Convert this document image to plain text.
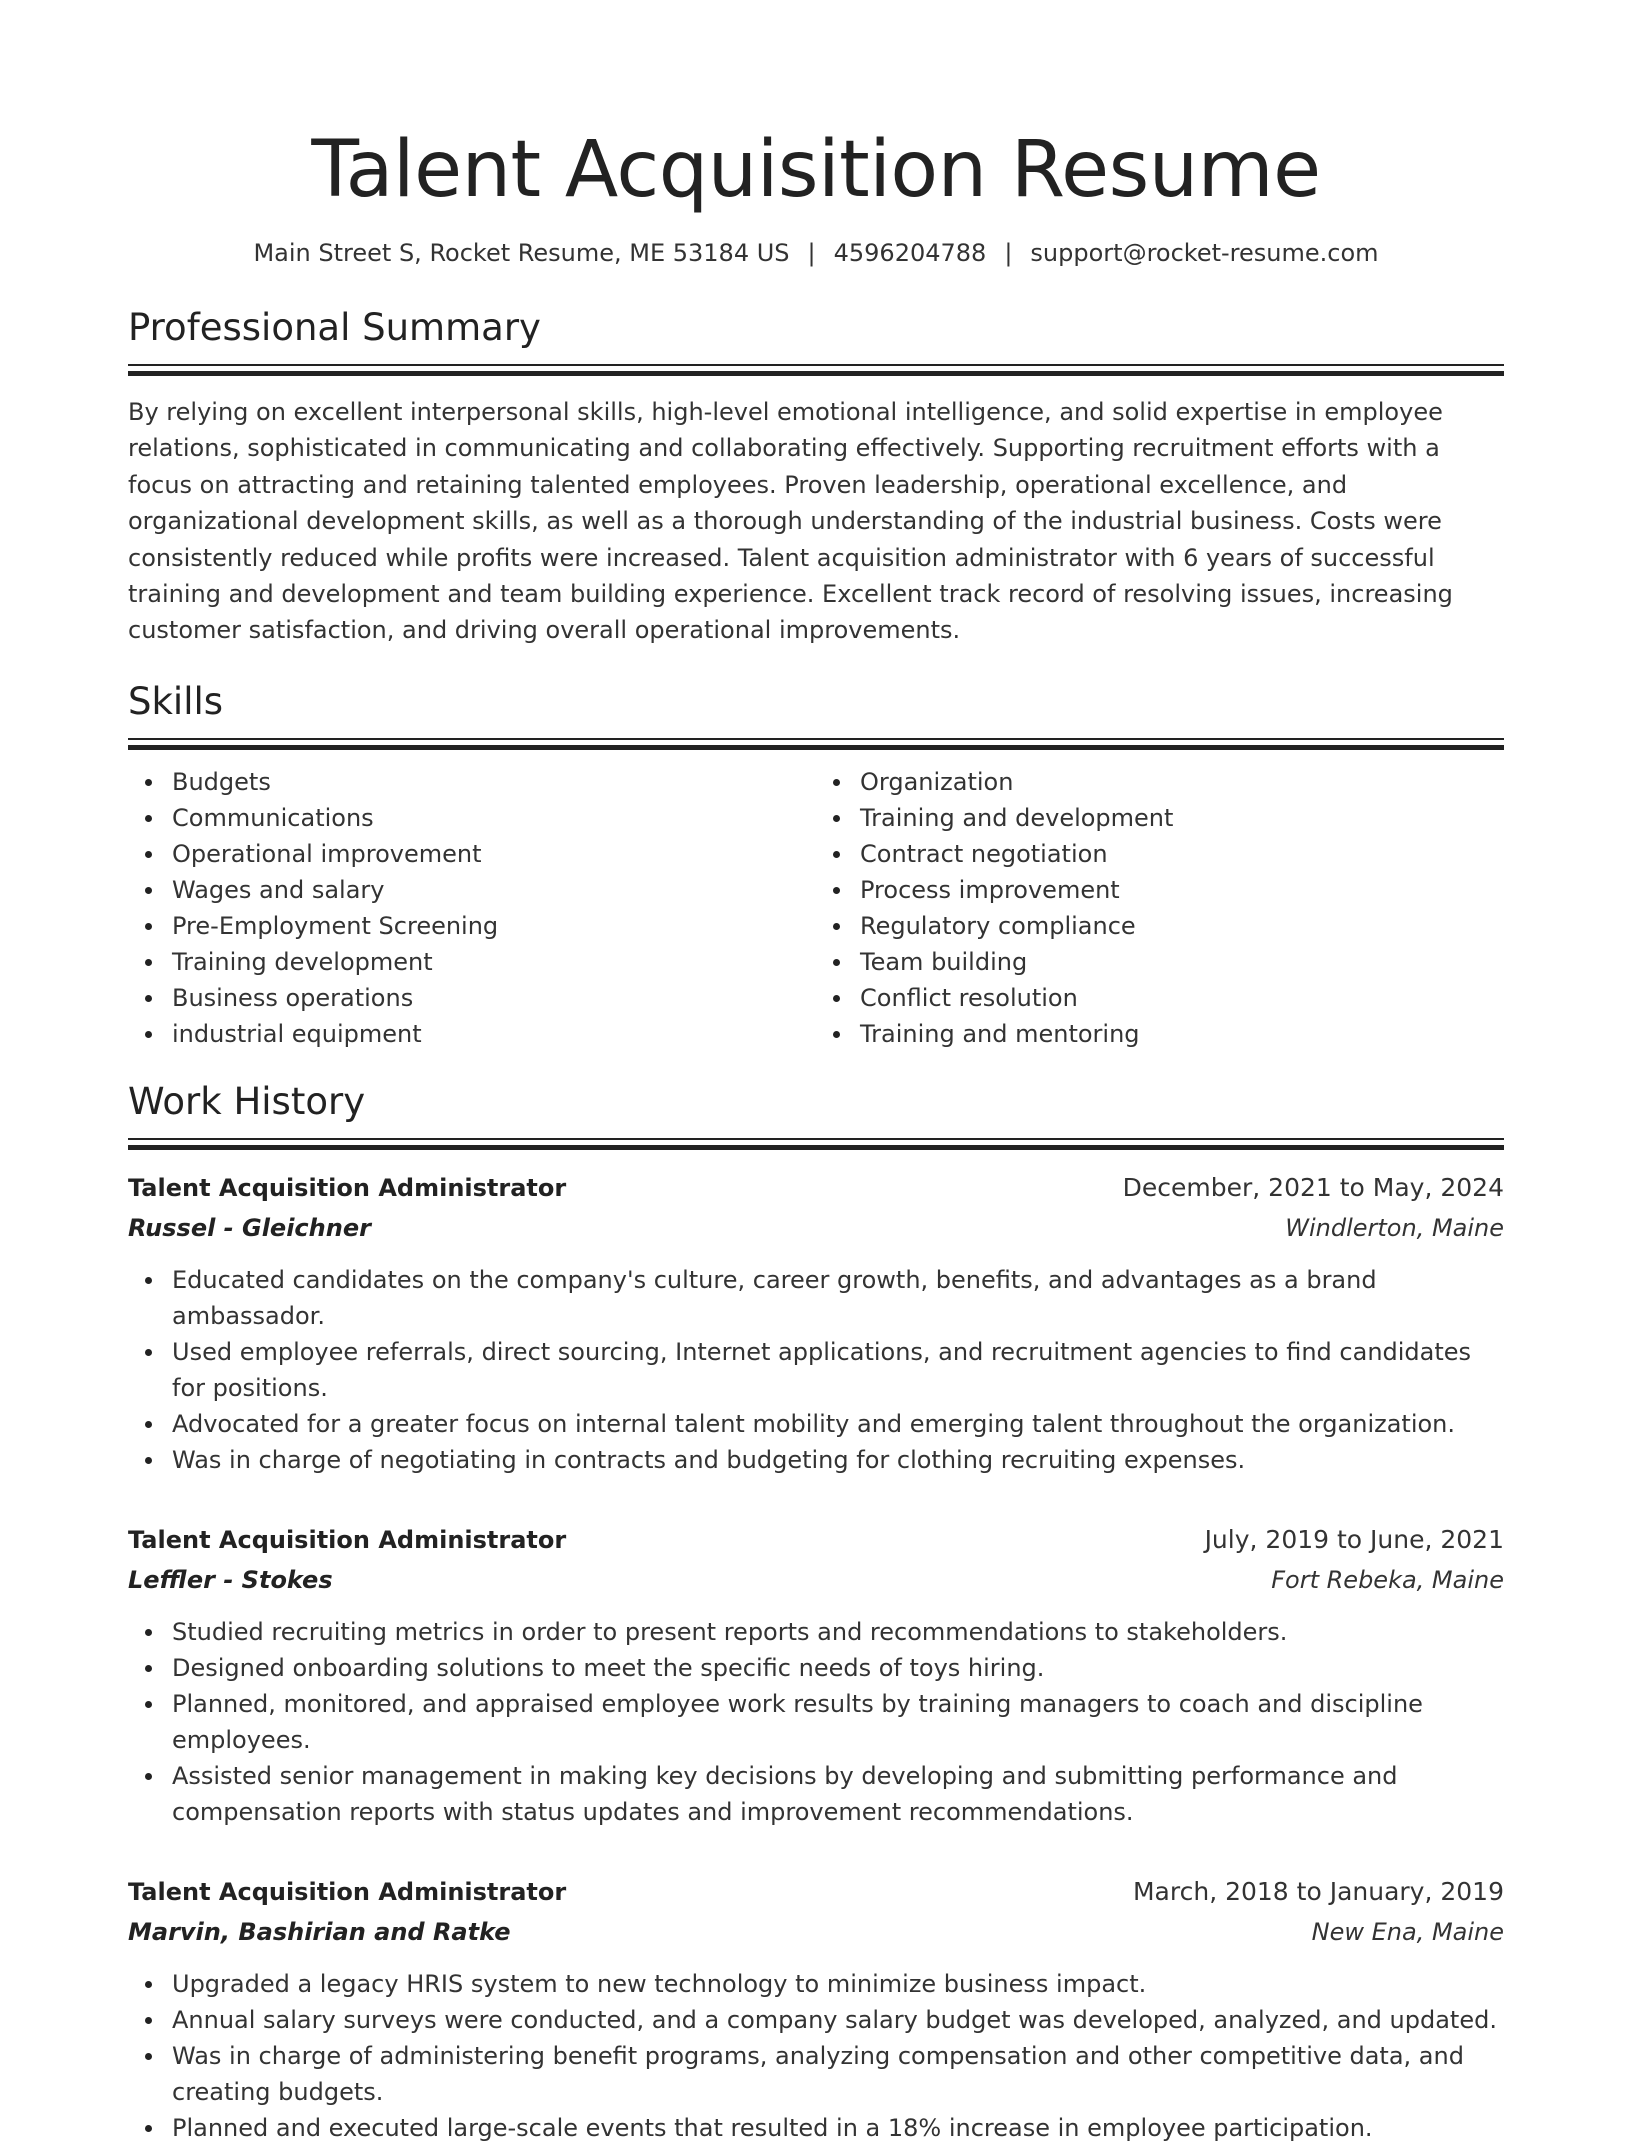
Talent Acquisition Resume
Main Street S, Rocket Resume, ME 53184 US | 4596204788 | support@rocket-resume.com
Professional Summary

By relying on excellent interpersonal skills, high-level emotional intelligence, and solid expertise in employee relations, sophisticated in communicating and collaborating effectively. Supporting recruitment efforts with a focus on attracting and retaining talented employees. Proven leadership, operational excellence, and organizational development skills, as well as a thorough understanding of the industrial business. Costs were consistently reduced while profits were increased. Talent acquisition administrator with 6 years of successful training and development and team building experience. Excellent track record of resolving issues, increasing customer satisfaction, and driving overall operational improvements.

Skills
Budgets
Communications
Operational improvement
Wages and salary
Pre-Employment Screening
Training development
Business operations
industrial equipment
Organization
Training and development
Contract negotiation
Process improvement
Regulatory compliance
Team building
Conflict resolution
Training and mentoring
Work History
Talent Acquisition Administrator	December, 2021 to May, 2024
Russel - Gleichner	Windlerton, Maine
Educated candidates on the company's culture, career growth, benefits, and advantages as a brand ambassador.
Used employee referrals, direct sourcing, Internet applications, and recruitment agencies to find candidates for positions.
Advocated for a greater focus on internal talent mobility and emerging talent throughout the organization.
Was in charge of negotiating in contracts and budgeting for clothing recruiting expenses.
Talent Acquisition Administrator	July, 2019 to June, 2021
Leffler - Stokes	Fort Rebeka, Maine
Studied recruiting metrics in order to present reports and recommendations to stakeholders.
Designed onboarding solutions to meet the specific needs of toys hiring.
Planned, monitored, and appraised employee work results by training managers to coach and discipline employees.
Assisted senior management in making key decisions by developing and submitting performance and compensation reports with status updates and improvement recommendations.
Talent Acquisition Administrator	March, 2018 to January, 2019
Marvin, Bashirian and Ratke	New Ena, Maine
Upgraded a legacy HRIS system to new technology to minimize business impact.
Annual salary surveys were conducted, and a company salary budget was developed, analyzed, and updated.
Was in charge of administering benefit programs, analyzing compensation and other competitive data, and creating budgets.
Planned and executed large-scale events that resulted in a 18% increase in employee participation.
